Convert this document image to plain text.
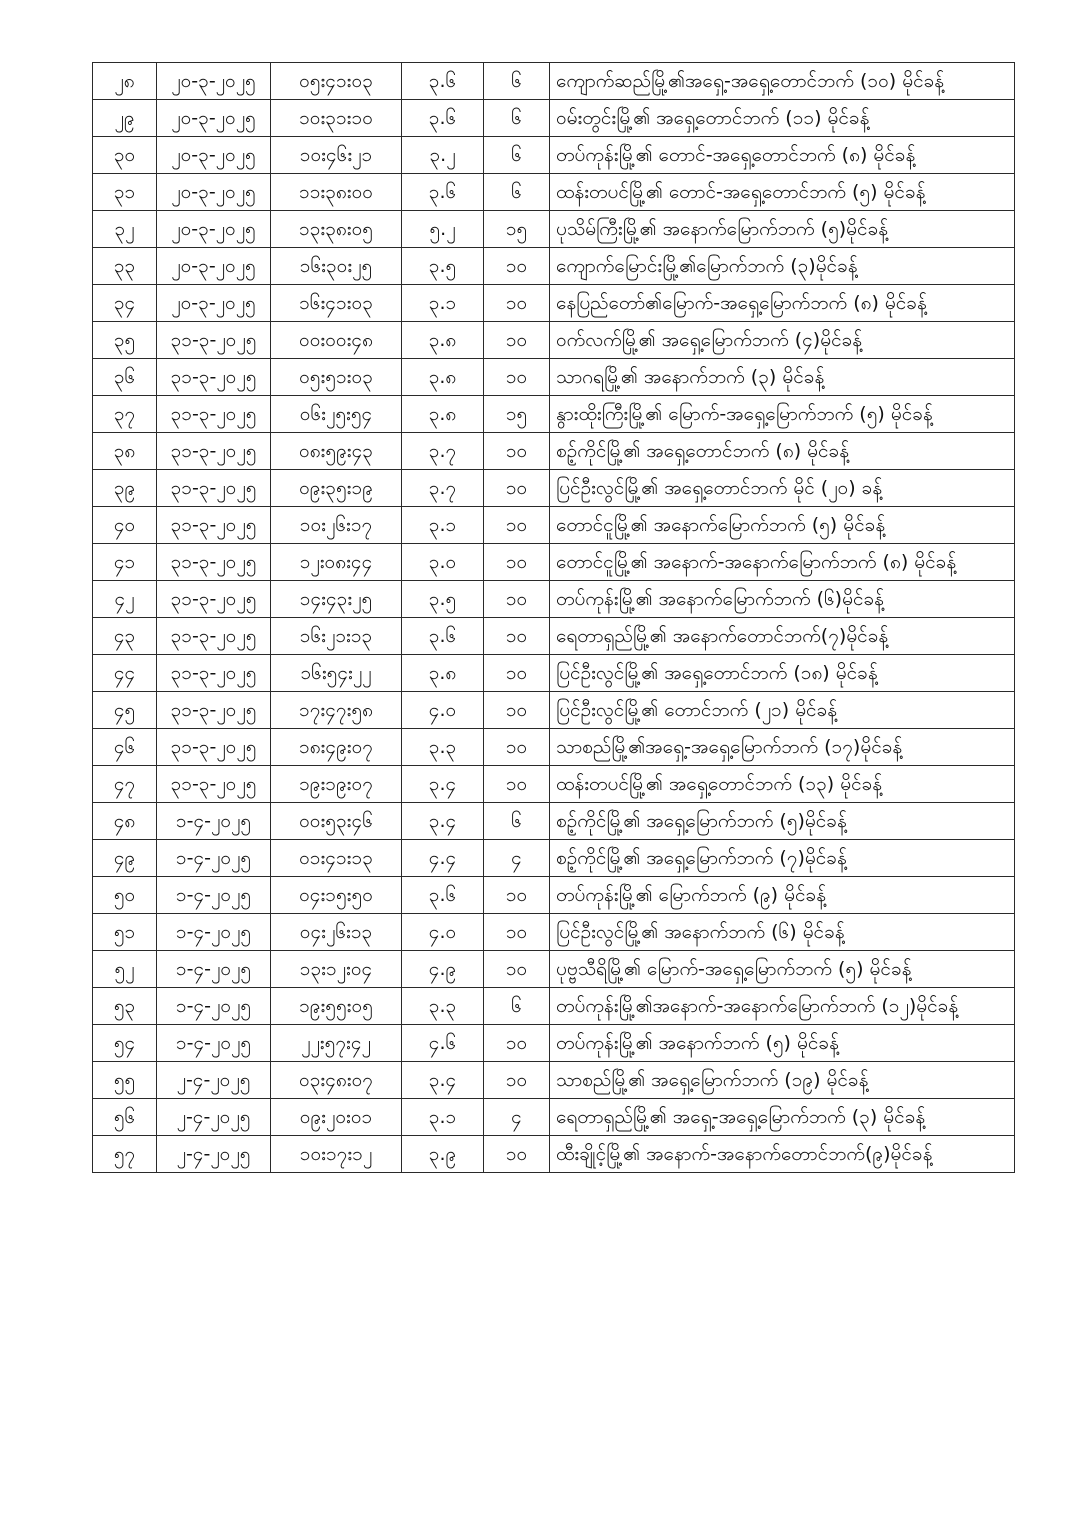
၂၈	၂၀-၃-၂၀၂၅	၀၅း၄၁း၀၃	၃.၆	၆	ကျောက်ဆည်မြို့၏အရှေ့-အရှေ့တောင်ဘက် (၁၀) မိုင်ခန့်
၂၉	၂၀-၃-၂၀၂၅	၁၀း၃၁း၁၀	၃.၆	၆	ဝမ်းတွင်းမြို့၏ အရှေ့တောင်ဘက် (၁၁) မိုင်ခန့်
၃၀	၂၀-၃-၂၀၂၅	၁၀း၄၆း၂၁	၃.၂	၆	တပ်ကုန်းမြို့၏ တောင်-အရှေ့တောင်ဘက် (၈) မိုင်ခန့်
၃၁	၂၀-၃-၂၀၂၅	၁၁း၃၈း၀၀	၃.၆	၆	ထန်းတပင်မြို့၏ တောင်-အရှေ့တောင်ဘက် (၅) မိုင်ခန့်
၃၂	၂၀-၃-၂၀၂၅	၁၃း၃၈း၀၅	၅.၂	၁၅	ပုသိမ်ကြီးမြို့၏ အနောက်မြောက်ဘက် (၅)မိုင်ခန့်
၃၃	၂၀-၃-၂၀၂၅	၁၆း၃၀း၂၅	၃.၅	၁၀	ကျောက်မြောင်းမြို့၏မြောက်ဘက် (၃)မိုင်ခန့်
၃၄	၂၀-၃-၂၀၂၅	၁၆း၄၁း၀၃	၃.၁	၁၀	နေပြည်တော်၏မြောက်-အရှေ့မြောက်ဘက် (၈) မိုင်ခန့်
၃၅	၃၁-၃-၂၀၂၅	၀၀း၀၀း၄၈	၃.၈	၁၀	ဝက်လက်မြို့၏ အရှေ့မြောက်ဘက် (၄)မိုင်ခန့်
၃၆	၃၁-၃-၂၀၂၅	၀၅း၅၁း၀၃	၃.၈	၁၀	သာဂရမြို့၏ အနောက်ဘက် (၃) မိုင်ခန့်
၃၇	၃၁-၃-၂၀၂၅	၀၆း၂၅း၅၄	၃.၈	၁၅	နွားထိုးကြီးမြို့၏ မြောက်-အရှေ့မြောက်ဘက် (၅) မိုင်ခန့်
၃၈	၃၁-၃-၂၀၂၅	၀၈း၅၉း၄၃	၃.၇	၁၀	စဉ့်ကိုင်မြို့၏ အရှေ့တောင်ဘက် (၈) မိုင်ခန့်
၃၉	၃၁-၃-၂၀၂၅	၀၉း၃၅း၁၉	၃.၇	၁၀	ပြင်ဦးလွင်မြို့၏ အရှေ့တောင်ဘက် မိုင် (၂၀) ခန့်
၄၀	၃၁-၃-၂၀၂၅	၁၀း၂၆း၁၇	၃.၁	၁၀	တောင်ငူမြို့၏ အနောက်မြောက်ဘက် (၅) မိုင်ခန့်
၄၁	၃၁-၃-၂၀၂၅	၁၂း၀၈း၄၄	၃.၀	၁၀	တောင်ငူမြို့၏ အနောက်-အနောက်မြောက်ဘက် (၈) မိုင်ခန့်
၄၂	၃၁-၃-၂၀၂၅	၁၄း၄၃း၂၅	၃.၅	၁၀	တပ်ကုန်းမြို့၏ အနောက်မြောက်ဘက် (၆)မိုင်ခန့်
၄၃	၃၁-၃-၂၀၂၅	၁၆း၂၁း၁၃	၃.၆	၁၀	ရေတာရှည်မြို့၏ အနောက်တောင်ဘက်(၇)မိုင်ခန့်
၄၄	၃၁-၃-၂၀၂၅	၁၆း၅၄း၂၂	၃.၈	၁၀	ပြင်ဦးလွင်မြို့၏ အရှေ့တောင်ဘက် (၁၈) မိုင်ခန့်
၄၅	၃၁-၃-၂၀၂၅	၁၇း၄၇း၅၈	၄.၀	၁၀	ပြင်ဦးလွင်မြို့၏ တောင်ဘက် (၂၁) မိုင်ခန့်
၄၆	၃၁-၃-၂၀၂၅	၁၈း၄၉း၀၇	၃.၃	၁၀	သာစည်မြို့၏အရှေ့-အရှေ့မြောက်ဘက် (၁၇)မိုင်ခန့်
၄၇	၃၁-၃-၂၀၂၅	၁၉း၁၉း၀၇	၃.၄	၁၀	ထန်းတပင်မြို့၏ အရှေ့တောင်ဘက် (၁၃) မိုင်ခန့်
၄၈	၁-၄-၂၀၂၅	၀၀း၅၃း၄၆	၃.၄	၆	စဉ့်ကိုင်မြို့၏ အရှေ့မြောက်ဘက် (၅)မိုင်ခန့်
၄၉	၁-၄-၂၀၂၅	၀၁း၄၁း၁၃	၄.၄	၄	စဉ့်ကိုင်မြို့၏ အရှေ့မြောက်ဘက် (၇)မိုင်ခန့်
၅၀	၁-၄-၂၀၂၅	၀၄း၁၅း၅၀	၃.၆	၁၀	တပ်ကုန်းမြို့၏ မြောက်ဘက် (၉) မိုင်ခန့်
၅၁	၁-၄-၂၀၂၅	၀၄း၂၆း၁၃	၄.၀	၁၀	ပြင်ဦးလွင်မြို့၏ အနောက်ဘက် (၆) မိုင်ခန့်
၅၂	၁-၄-၂၀၂၅	၁၃း၁၂း၀၄	၄.၉	၁၀	ပုဗ္ဗသီရိမြို့၏ မြောက်-အရှေ့မြောက်ဘက် (၅) မိုင်ခန့်
၅၃	၁-၄-၂၀၂၅	၁၉း၅၅း၀၅	၃.၃	၆	တပ်ကုန်းမြို့၏အနောက်-အနောက်မြောက်ဘက် (၁၂)မိုင်ခန့်
၅၄	၁-၄-၂၀၂၅	၂၂း၅၇း၄၂	၄.၆	၁၀	တပ်ကုန်းမြို့၏ အနောက်ဘက် (၅) မိုင်ခန့်
၅၅	၂-၄-၂၀၂၅	၀၃း၄၈း၀၇	၃.၄	၁၀	သာစည်မြို့၏ အရှေ့မြောက်ဘက် (၁၉) မိုင်ခန့်
၅၆	၂-၄-၂၀၂၅	၀၉း၂၀း၀၁	၃.၁	၄	ရေတာရှည်မြို့၏ အရှေ့-အရှေ့မြောက်ဘက် (၃) မိုင်ခန့်
၅၇	၂-၄-၂၀၂၅	၁၀း၁၇း၁၂	၃.၉	၁၀	ထီးချိုင့်မြို့၏ အနောက်-အနောက်တောင်ဘက်(၉)မိုင်ခန့်
